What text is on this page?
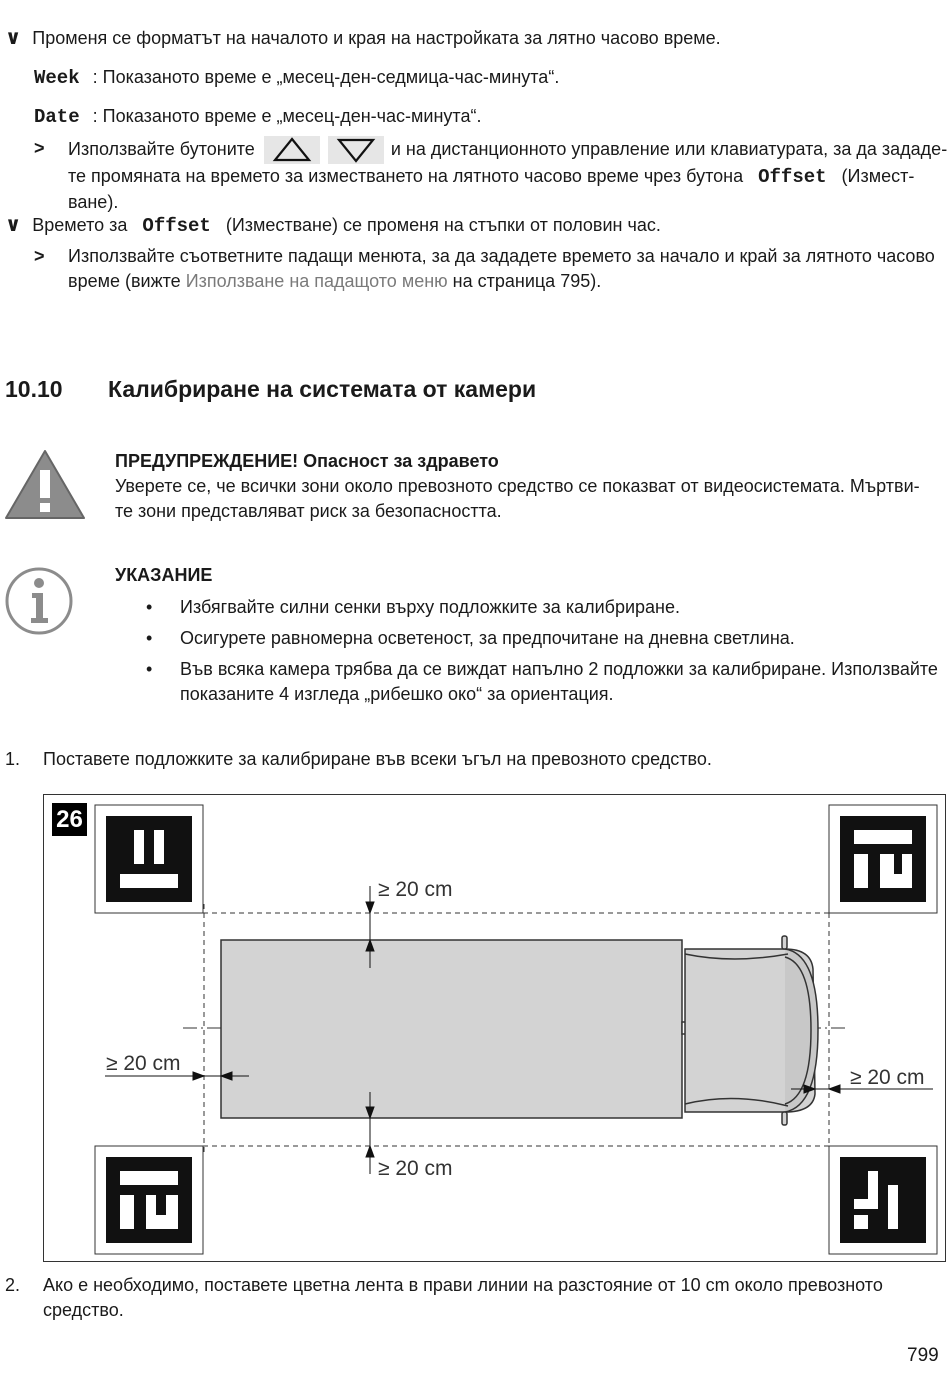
∨ Променя се форматът на началото и края на настройката за лятно часово време.
Week : Показаното време е „месец-ден-седмица-час-минута“.
Date : Показаното време е „месец-ден-час-минута“.
> Използвайте бутоните	и на дистанционното управление или клавиатурата, за да зададе-
те промяната на времето за изместването на лятното часово време чрез бутона Offset (Измест-
ване).
∨ Времето за Offset (Изместване) се променя на стъпки от половин час.
> Използвайте съответните падащи менюта, за да зададете времето за начало и край за лятното часово
време (вижте Използване на падащото меню на страница 795).
10.10 Калибриране на системата от камери
ПРЕДУПРЕЖДЕНИЕ! Опасност за здравето
Уверете се, че всички зони около превозното средство се показват от видеосистемата. Мъртви-
те зони представляват риск за безопасността.
УКАЗАНИЕ
• Избягвайте силни сенки върху подложките за калибриране.
• Осигурете равномерна осветеност, за предпочитане на дневна светлина.
• Във всяка камера трябва да се виждат напълно 2 подложки за калибриране. Използвайте
показаните 4 изгледа „рибешко око“ за ориентация.
1. Поставете подложките за калибриране във всеки ъгъл на превозното средство.
26
≥ 20 cm
≥ 20 cm
≥ 20 cm
≥ 20 cm
2. Ако е необходимо, поставете цветна лента в прави линии на разстояние от 10 cm около превозното
средство.
799
